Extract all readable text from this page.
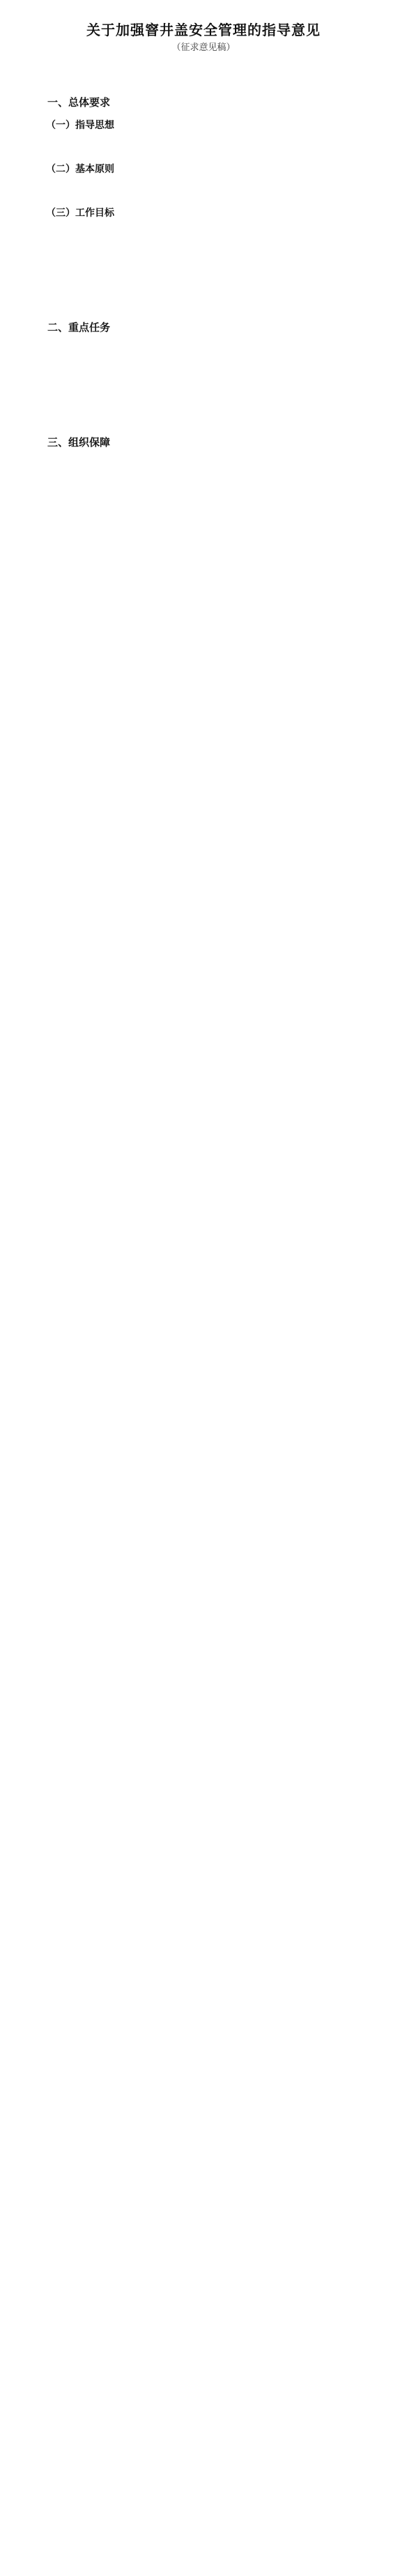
关于加强窨井盖安全管理的指导意见
（征求意见稿）
一、总体要求
（一）指导思想
（二）基本原则
（三）工作目标
二、重点任务
三、组织保障
